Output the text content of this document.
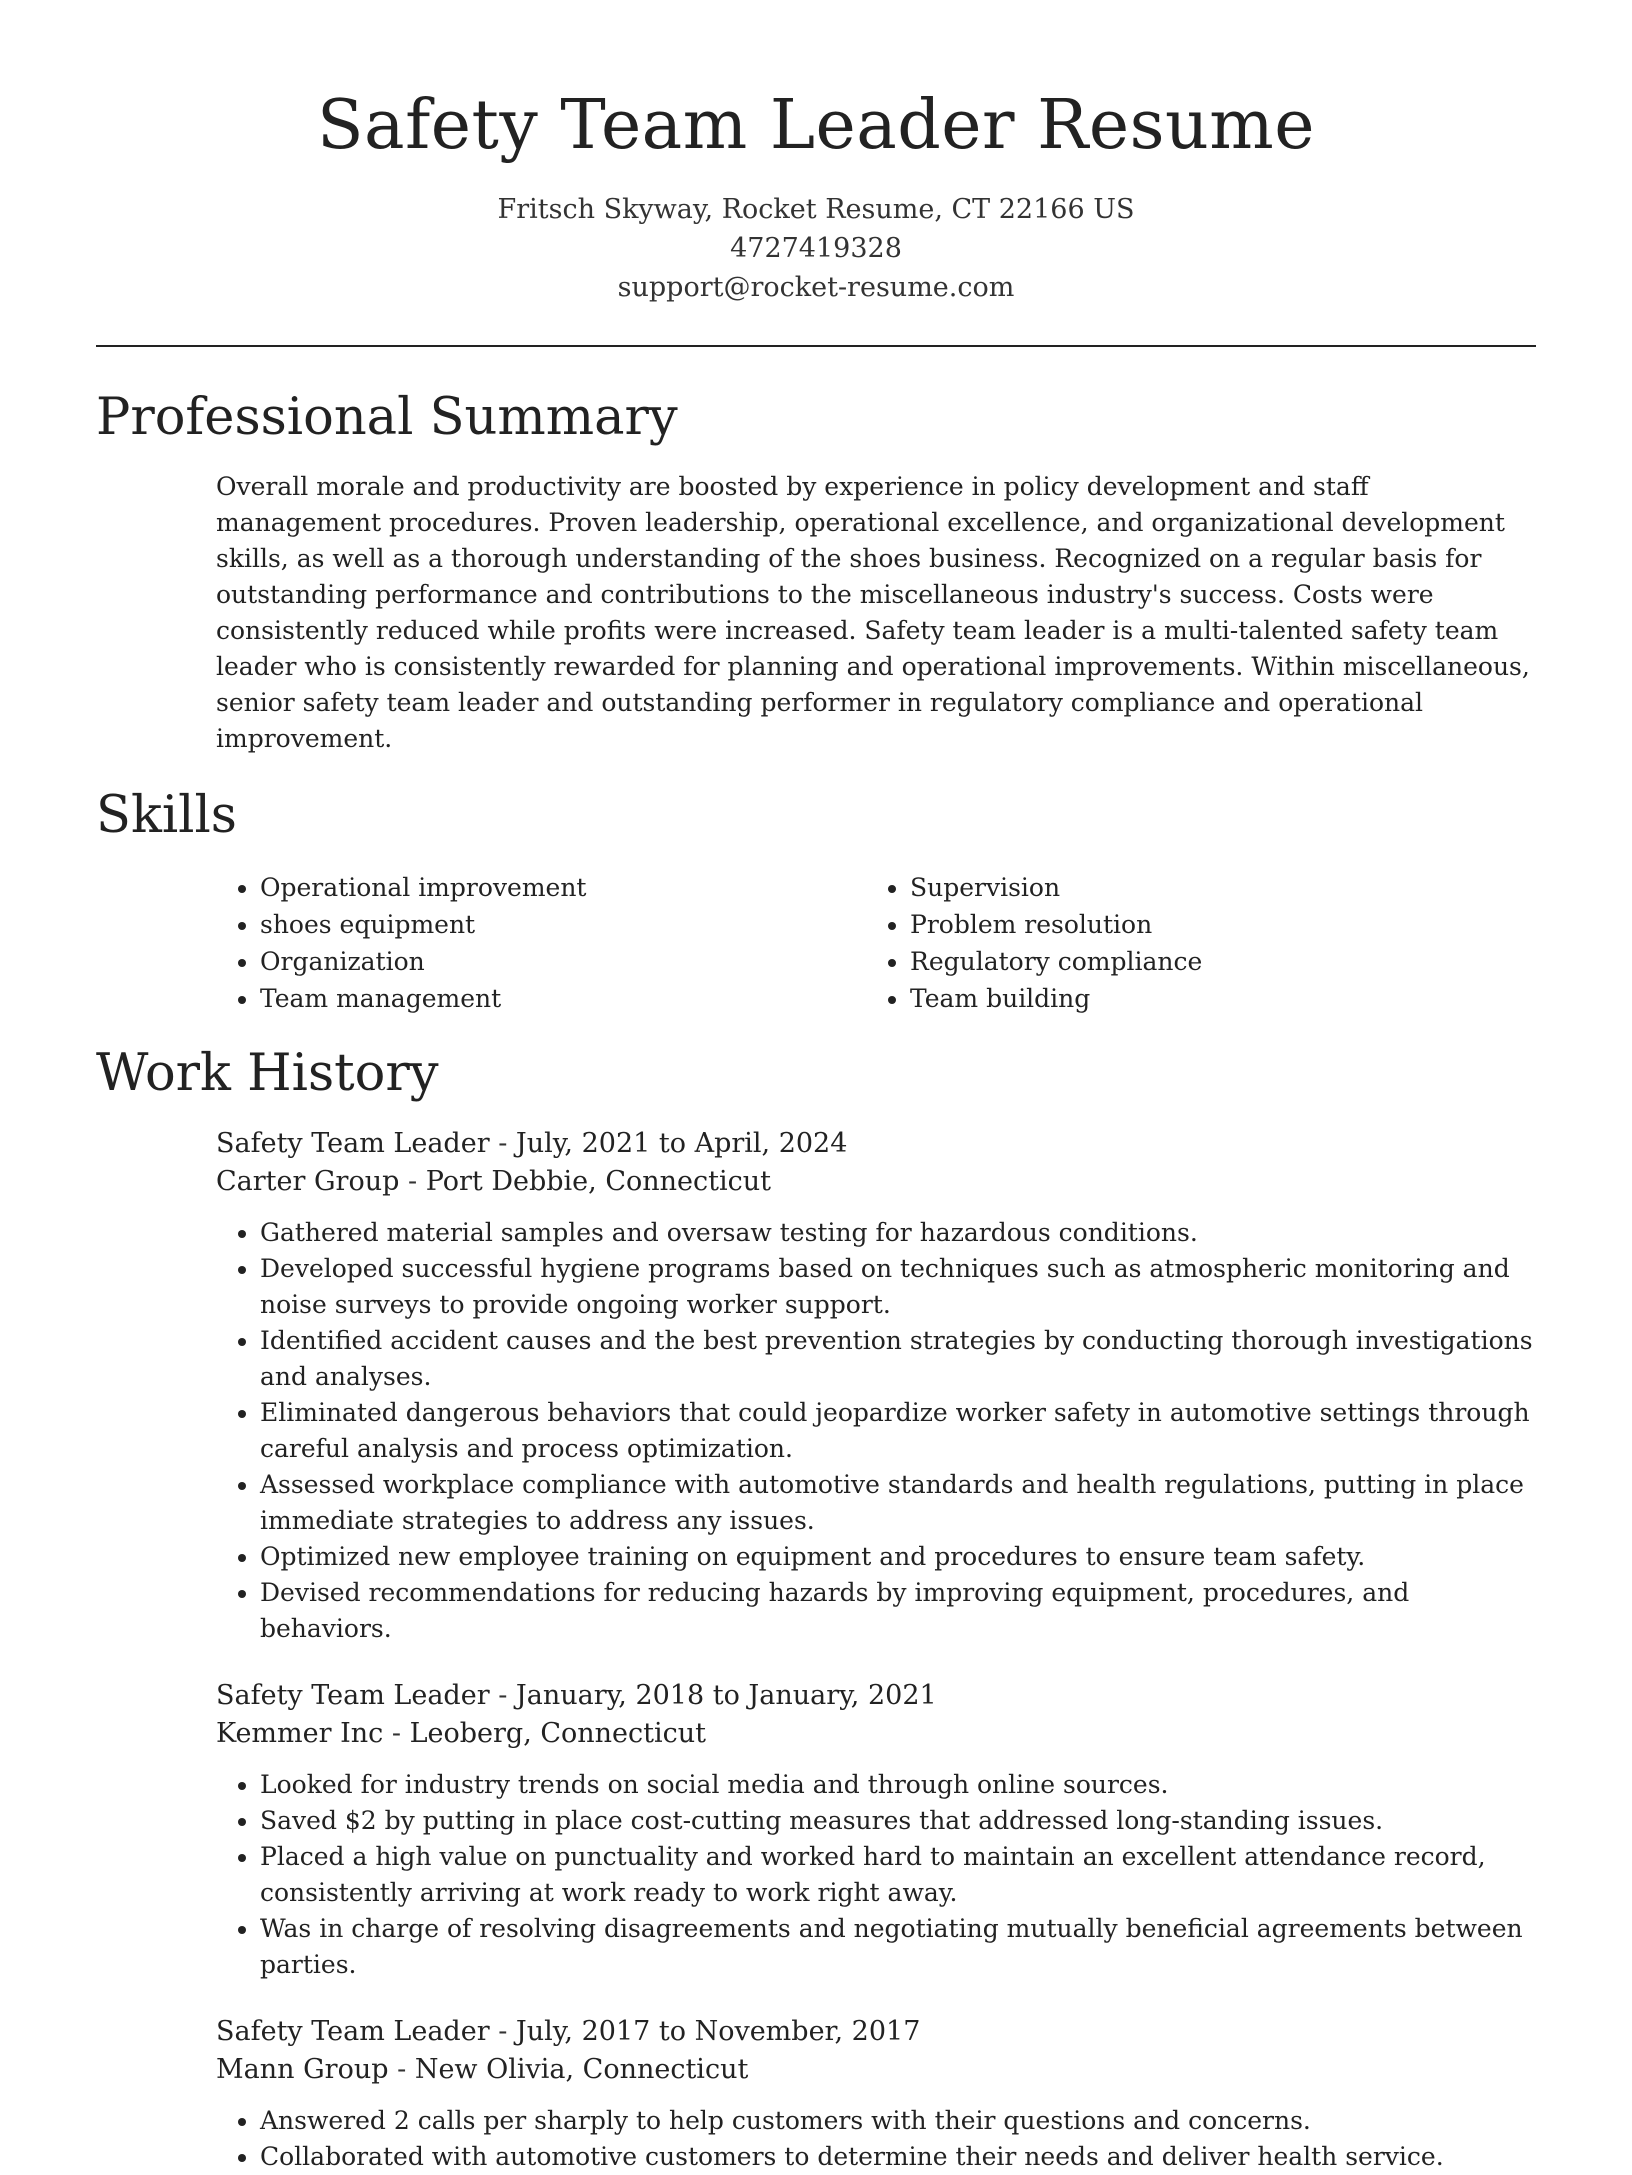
Safety Team Leader Resume
Fritsch Skyway, Rocket Resume, CT 22166 US
4727419328
support@rocket-resume.com
Professional Summary

Overall morale and productivity are boosted by experience in policy development and staff management procedures. Proven leadership, operational excellence, and organizational development skills, as well as a thorough understanding of the shoes business. Recognized on a regular basis for outstanding performance and contributions to the miscellaneous industry's success. Costs were consistently reduced while profits were increased. Safety team leader is a multi-talented safety team leader who is consistently rewarded for planning and operational improvements. Within miscellaneous, senior safety team leader and outstanding performer in regulatory compliance and operational improvement.

Skills
• Operational improvement
• shoes equipment
• Organization
• Team management
• Supervision
• Problem resolution
• Regulatory compliance
• Team building
Work History
Safety Team Leader - July, 2021 to April, 2024
Carter Group - Port Debbie, Connecticut
• Gathered material samples and oversaw testing for hazardous conditions.
• Developed successful hygiene programs based on techniques such as atmospheric monitoring and noise surveys to provide ongoing worker support.
• Identified accident causes and the best prevention strategies by conducting thorough investigations and analyses.
• Eliminated dangerous behaviors that could jeopardize worker safety in automotive settings through careful analysis and process optimization.
• Assessed workplace compliance with automotive standards and health regulations, putting in place immediate strategies to address any issues.
• Optimized new employee training on equipment and procedures to ensure team safety.
• Devised recommendations for reducing hazards by improving equipment, procedures, and behaviors.
Safety Team Leader - January, 2018 to January, 2021
Kemmer Inc - Leoberg, Connecticut
• Looked for industry trends on social media and through online sources.
• Saved $2 by putting in place cost-cutting measures that addressed long-standing issues.
• Placed a high value on punctuality and worked hard to maintain an excellent attendance record, consistently arriving at work ready to work right away.
• Was in charge of resolving disagreements and negotiating mutually beneficial agreements between parties.
Safety Team Leader - July, 2017 to November, 2017
Mann Group - New Olivia, Connecticut
• Answered 2 calls per sharply to help customers with their questions and concerns.
• Collaborated with automotive customers to determine their needs and deliver health service.
